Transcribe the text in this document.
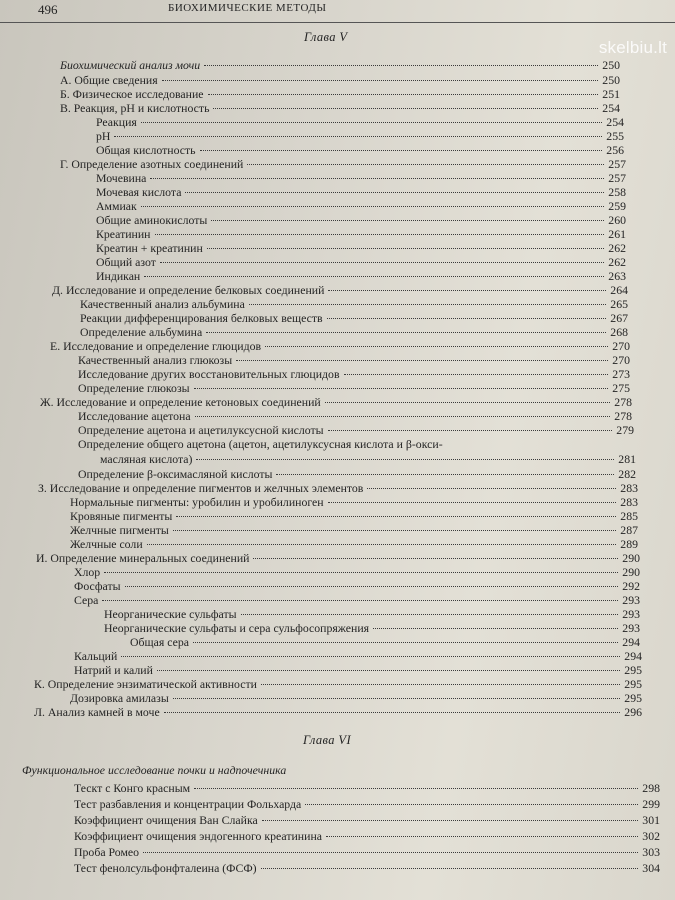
496	БИОХИМИЧЕСКИЕ МЕТОДЫ
skelbiu.lt
Глава V
Глава VI
Биохимический анализ мочи	250
А. Общие сведения	250
Б. Физическое исследование	251
В. Реакция, рН и кислотность	254
Реакция	254
pH	255
Общая кислотность	256
Г. Определение азотных соединений	257
Мочевина	257
Мочевая кислота	258
Аммиак	259
Общие аминокислоты	260
Креатинин	261
Креатин + креатинин	262
Общий азот	262
Индикан	263
Д. Исследование и определение белковых соединений	264
Качественный анализ альбумина	265
Реакции дифференцирования белковых веществ	267
Определение альбумина	268
Е. Исследование и определение глюцидов	270
Качественный анализ глюкозы	270
Исследование других восстановительных глюцидов	273
Определение глюкозы	275
Ж. Исследование и определение кетоновых соединений	278
Исследование ацетона	278
Определение ацетона и ацетилуксусной кислоты	279
Определение общего ацетона (ацетон, ацетилуксусная кислота и β-окси-
масляная кислота)	281
Определение β-оксимасляной кислоты	282
З. Исследование и определение пигментов и желчных элементов	283
Нормальные пигменты: уробилин и уробилиноген	283
Кровяные пигменты	285
Желчные пигменты	287
Желчные соли	289
И. Определение минеральных соединений	290
Хлор	290
Фосфаты	292
Сера	293
Неорганические сульфаты	293
Неорганические сульфаты и сера сульфосопряжения	293
Общая сера	294
Кальций	294
Натрий и калий	295
К. Определение энзиматической активности	295
Дозировка амилазы	295
Л. Анализ камней в моче	296
Функциональное исследование почки и надпочечника
Тескт с Конго красным	298
Тест разбавления и концентрации Фольхарда	299
Коэффициент очищения Ван Слайка	301
Коэффициент очищения эндогенного креатинина	302
Проба Ромео	303
Тест фенолсульфонфталеина (ФСФ)	304
